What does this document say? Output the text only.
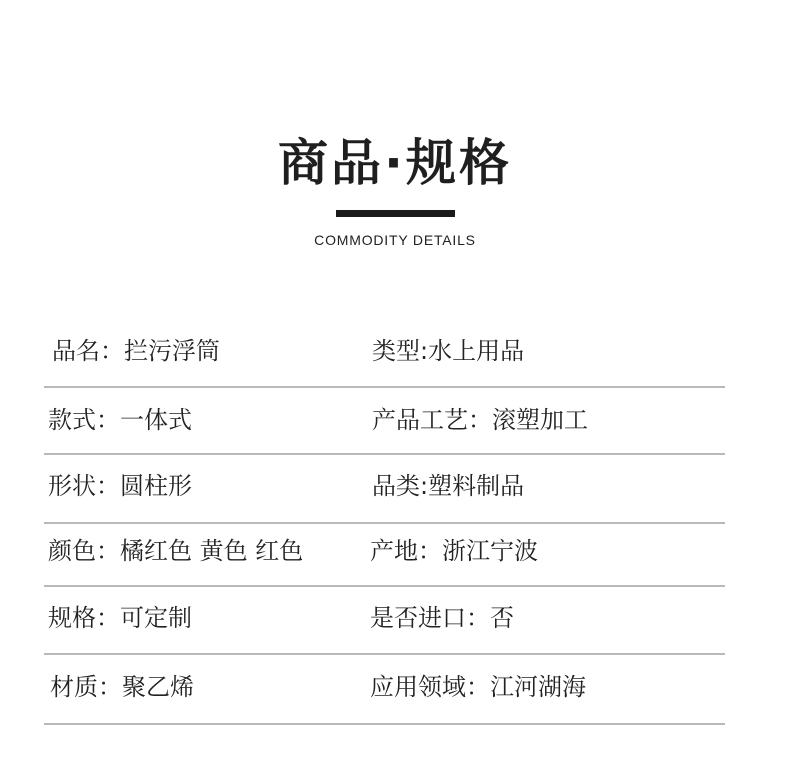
商品·规格
COMMODITY DETAILS
品名：拦污浮筒	类型:水上用品
款式：一体式	产品工艺：滚塑加工
形状：圆柱形	品类:塑料制品
颜色：橘红色 黄色 红色	产地：浙江宁波
规格：可定制	是否进口：否
材质：聚乙烯	应用领域：江河湖海
